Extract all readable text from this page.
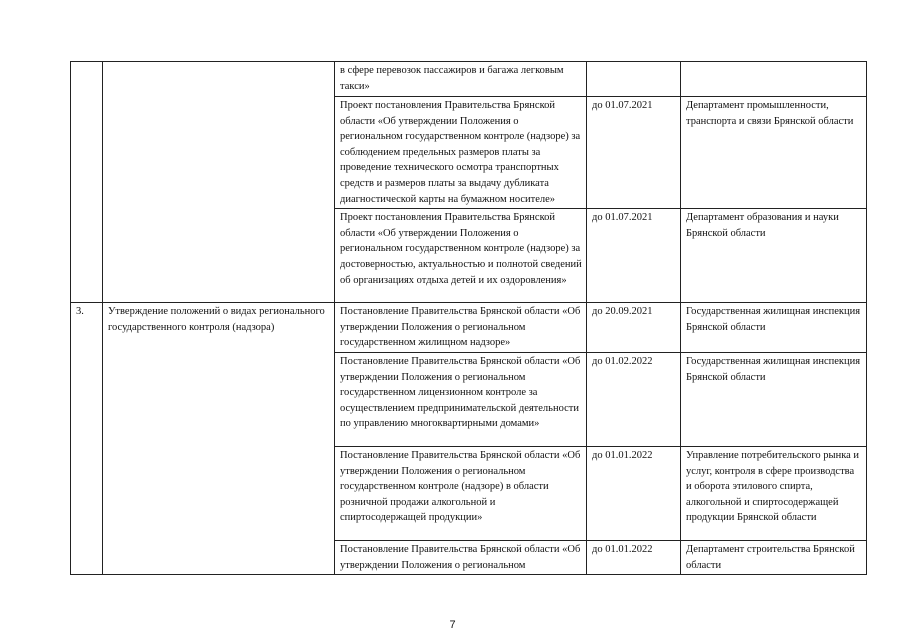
		в сфере перевозок пассажиров и багажа легковым такси»		
		Проект постановления Правительства Брянской области «Об утверждении Положения о региональном государственном контроле (надзоре) за соблюдением предельных размеров платы за проведение технического осмотра транспортных средств и размеров платы за выдачу дубликата диагностической карты на бумажном носителе»	до 01.07.2021	Департамент промышленности, транспорта и связи Брянской области
		Проект постановления Правительства Брянской области «Об утверждении Положения о региональном государственном контроле (надзоре) за достоверностью, актуальностью и полнотой сведений об организациях отдыха детей и их оздоровления»	до 01.07.2021	Департамент образования и науки Брянской области
3.	Утверждение положений о видах регионального государственного контроля (надзора)	Постановление Правительства Брянской области «Об утверждении Положения о региональном государственном жилищном надзоре»	до 20.09.2021	Государственная жилищная инспекция Брянской области
		Постановление Правительства Брянской области «Об утверждении Положения о региональном государственном лицензионном контроле за осуществлением предпринимательской деятельности по управлению многоквартирными домами»	до 01.02.2022	Государственная жилищная инспекция Брянской области
		Постановление Правительства Брянской области «Об утверждении Положения о региональном государственном контроле (надзоре) в области розничной продажи алкогольной и спиртосодержащей продукции»	до 01.01.2022	Управление потребительского рынка и услуг, контроля в сфере производства и оборота этилового спирта, алкогольной и спиртосодержащей продукции Брянской области
		Постановление Правительства Брянской области «Об утверждении Положения о региональном	до 01.01.2022	Департамент строительства Брянской области
7
